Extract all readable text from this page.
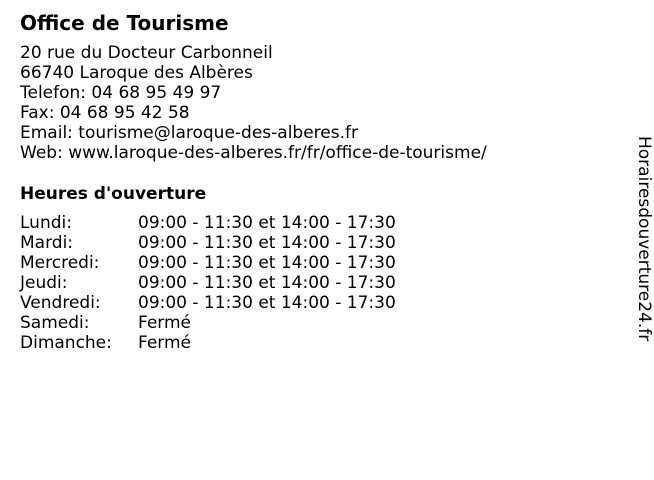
Office de Tourisme
20 rue du Docteur Carbonneil
66740 Laroque des Albères
Telefon: 04 68 95 49 97
Fax: 04 68 95 42 58
Email: tourisme@laroque-des-alberes.fr
Web: www.laroque-des-alberes.fr/fr/office-de-tourisme/
Heures d'ouverture
Lundi:	09:00 - 11:30 et 14:00 - 17:30
Mardi:	09:00 - 11:30 et 14:00 - 17:30
Mercredi:	09:00 - 11:30 et 14:00 - 17:30
Jeudi:	09:00 - 11:30 et 14:00 - 17:30
Vendredi:	09:00 - 11:30 et 14:00 - 17:30
Samedi:	Fermé
Dimanche:	Fermé
Horairesdouverture24.fr
